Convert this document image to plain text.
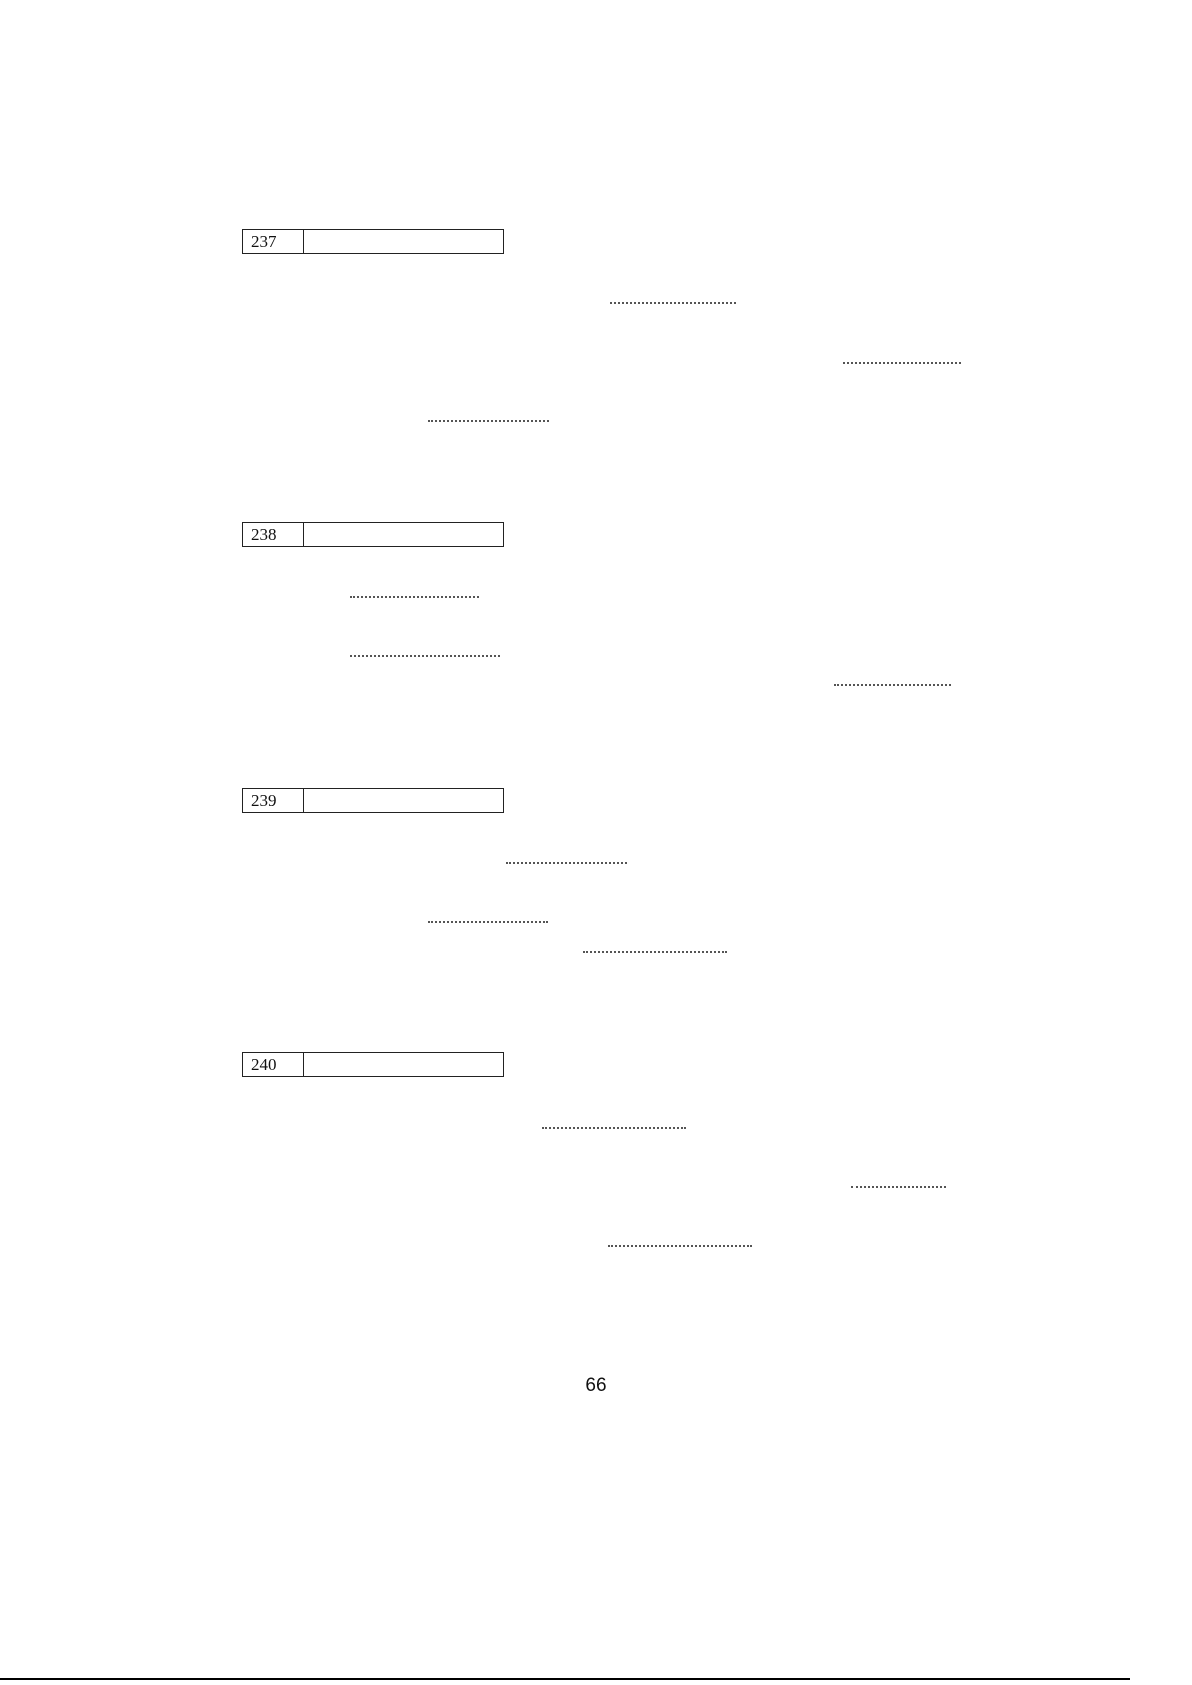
237
238
239
240
66
